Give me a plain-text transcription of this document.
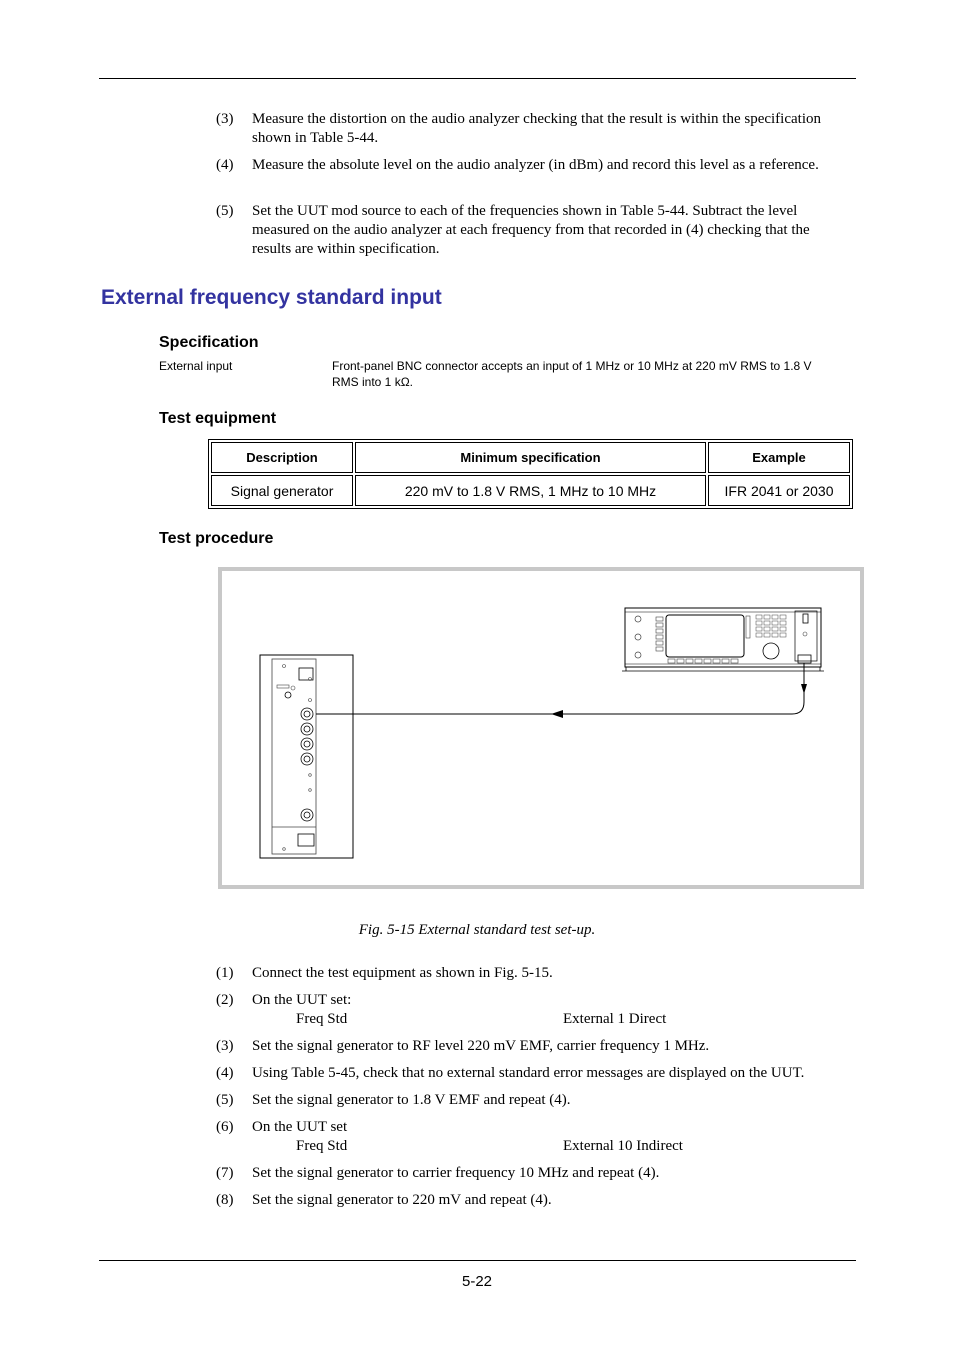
(3) Measure the distortion on the audio analyzer checking that the result is within the specification shown in Table 5-44.
(4) Measure the absolute level on the audio analyzer (in dBm) and record this level as a reference.
(5) Set the UUT mod source to each of the frequencies shown in Table 5-44. Subtract the level measured on the audio analyzer at each frequency from that recorded in (4) checking that the results are within specification.
External frequency standard input
Specification
External input	Front-panel BNC connector accepts an input of 1 MHz or 10 MHz at 220 mV RMS to 1.8 V RMS into 1 kΩ.
Test equipment
Description	Minimum specification	Example
Signal generator	220 mV to 1.8 V RMS, 1 MHz to 10 MHz	IFR 2041 or 2030
Test procedure
Fig. 5-15 External standard test set-up.
(1) Connect the test equipment as shown in Fig. 5-15.
(2) On the UUT set:
Freq Std	External 1 Direct
(3) Set the signal generator to RF level 220 mV EMF, carrier frequency 1 MHz.
(4) Using Table 5-45, check that no external standard error messages are displayed on the UUT.
(5) Set the signal generator to 1.8 V EMF and repeat (4).
(6) On the UUT set
Freq Std	External 10 Indirect
(7) Set the signal generator to carrier frequency 10 MHz and repeat (4).
(8) Set the signal generator to 220 mV and repeat (4).
5-22
